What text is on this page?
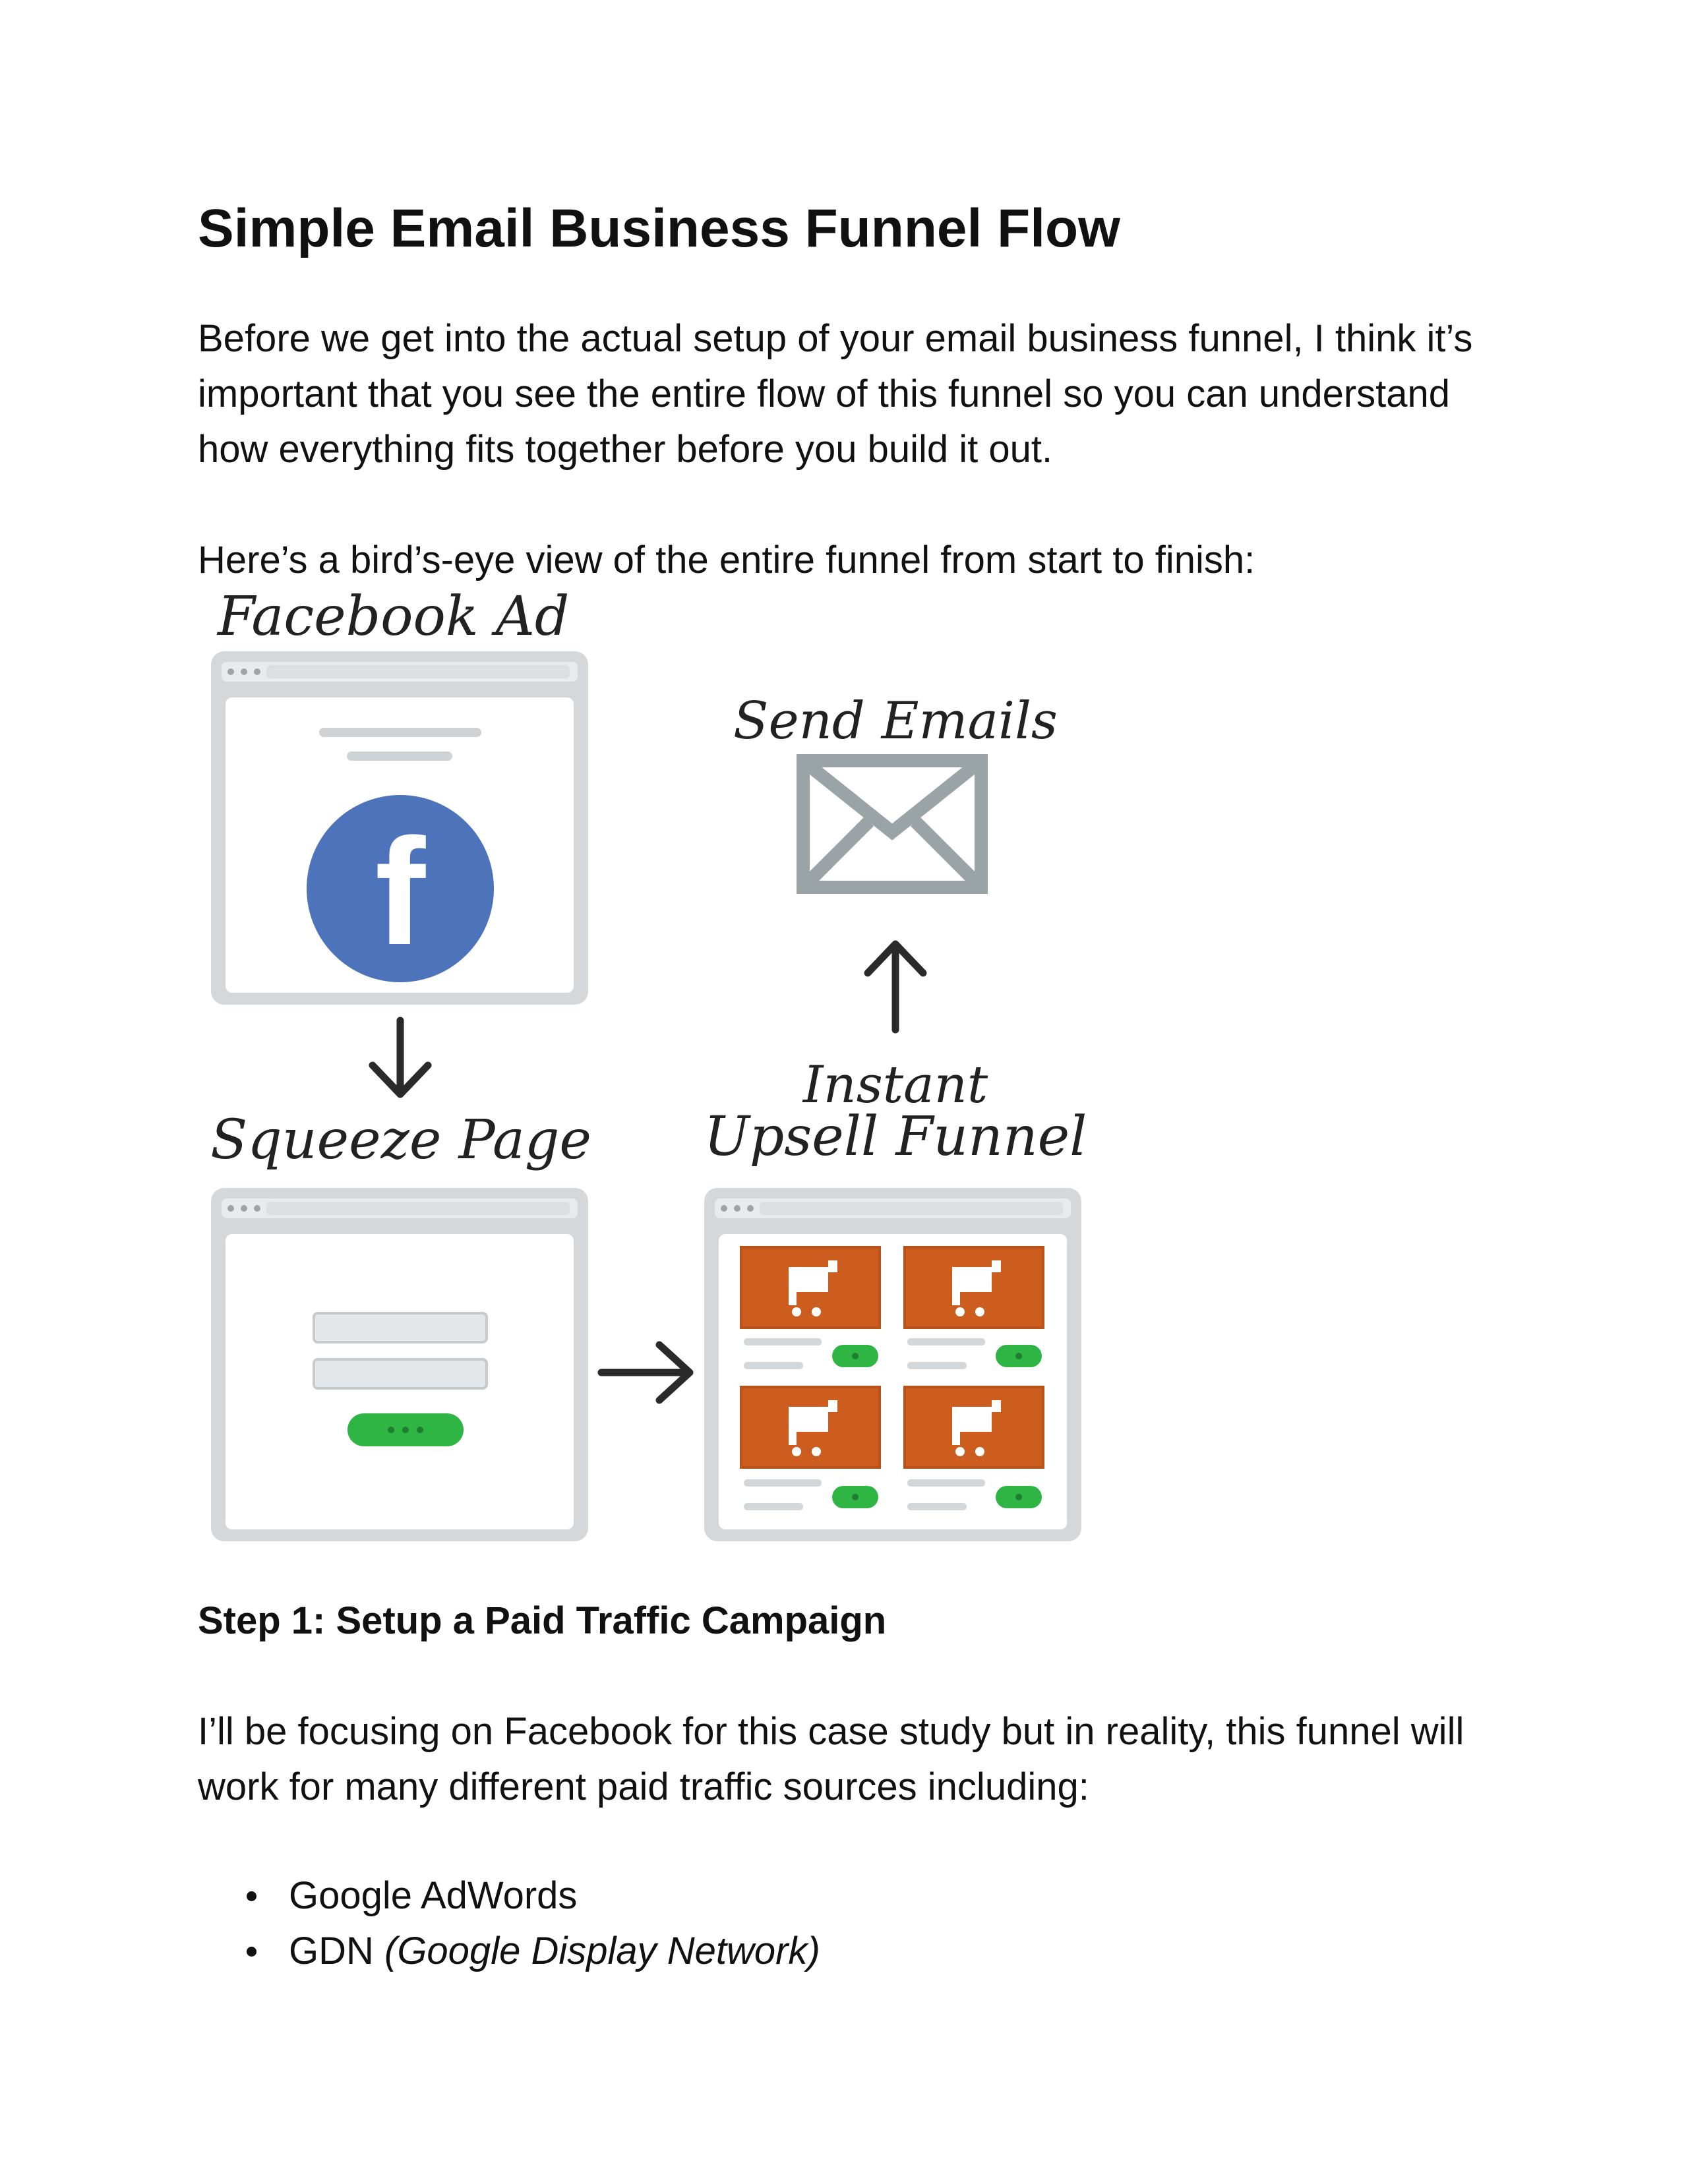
Simple Email Business Funnel Flow

Before we get into the actual setup of your email business funnel, I think it’s
important that you see the entire flow of this funnel so you can understand
how everything fits together before you build it out.

Here’s a bird’s-eye view of the entire funnel from start to finish:

Facebook Ad
Send Emails
Squeeze Page
Instant
Upsell Funnel
f
Step 1: Setup a Paid Traffic Campaign

I’ll be focusing on Facebook for this case study but in reality, this funnel will
work for many different paid traffic sources including:

Google AdWords
GDN (Google Display Network)
